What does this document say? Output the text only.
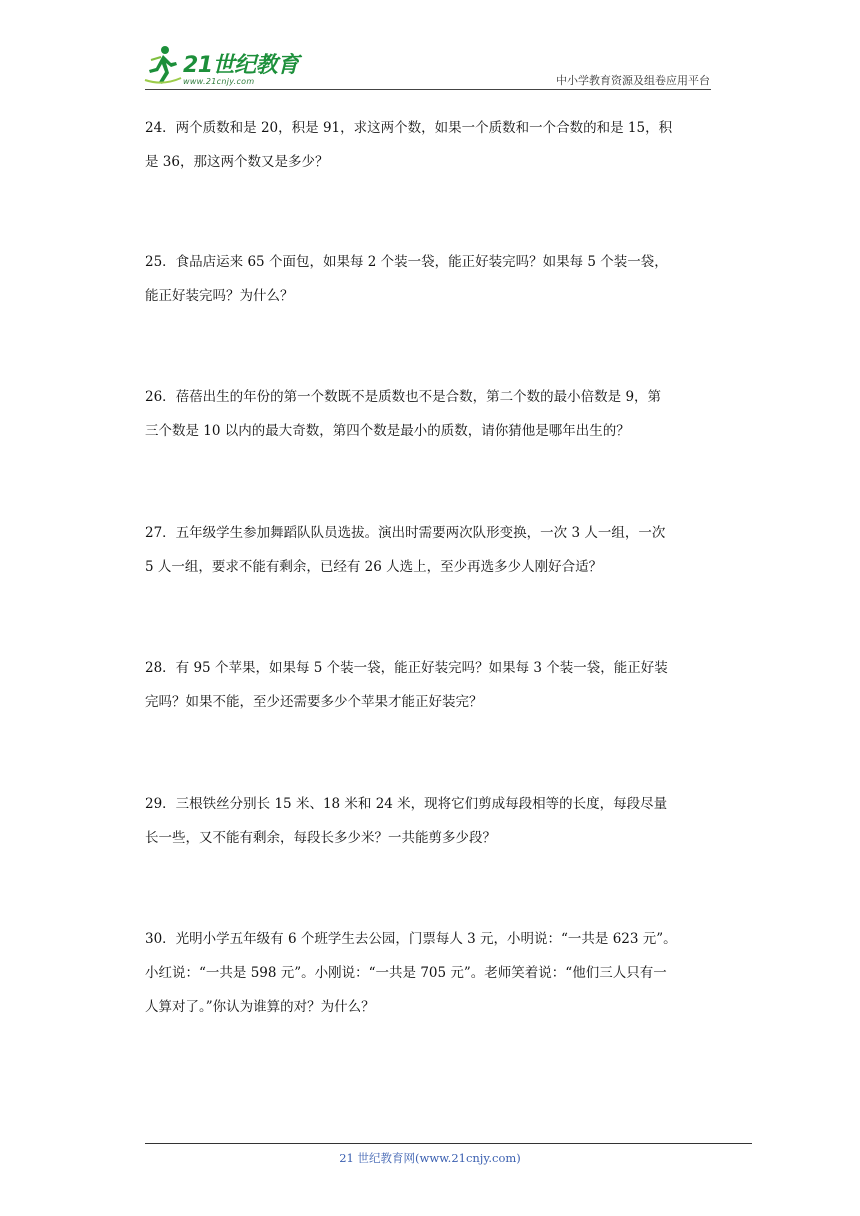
21世纪教育
www.21cnjy.com	中小学教育资源及组卷应用平台
24．两个质数和是 20，积是 91，求这两个数，如果一个质数和一个合数的和是 15，积
是 36，那这两个数又是多少？
25．食品店运来 65 个面包，如果每 2 个装一袋，能正好装完吗？如果每 5 个装一袋，
能正好装完吗？为什么？
26．蓓蓓出生的年份的第一个数既不是质数也不是合数，第二个数的最小倍数是 9，第
三个数是 10 以内的最大奇数，第四个数是最小的质数，请你猜他是哪年出生的？
27．五年级学生参加舞蹈队队员选拔。演出时需要两次队形变换，一次 3 人一组，一次
5 人一组，要求不能有剩余，已经有 26 人选上，至少再选多少人刚好合适？
28．有 95 个苹果，如果每 5 个装一袋，能正好装完吗？如果每 3 个装一袋，能正好装
完吗？如果不能，至少还需要多少个苹果才能正好装完？
29．三根铁丝分别长 15 米、18 米和 24 米，现将它们剪成每段相等的长度，每段尽量
长一些，又不能有剩余，每段长多少米？一共能剪多少段？
30．光明小学五年级有 6 个班学生去公园，门票每人 3 元，小明说：“一共是 623 元”。
小红说：“一共是 598 元”。小刚说：“一共是 705 元”。老师笑着说：“他们三人只有一
人算对了。”你认为谁算的对？为什么？
21 世纪教育网(www.21cnjy.com)
